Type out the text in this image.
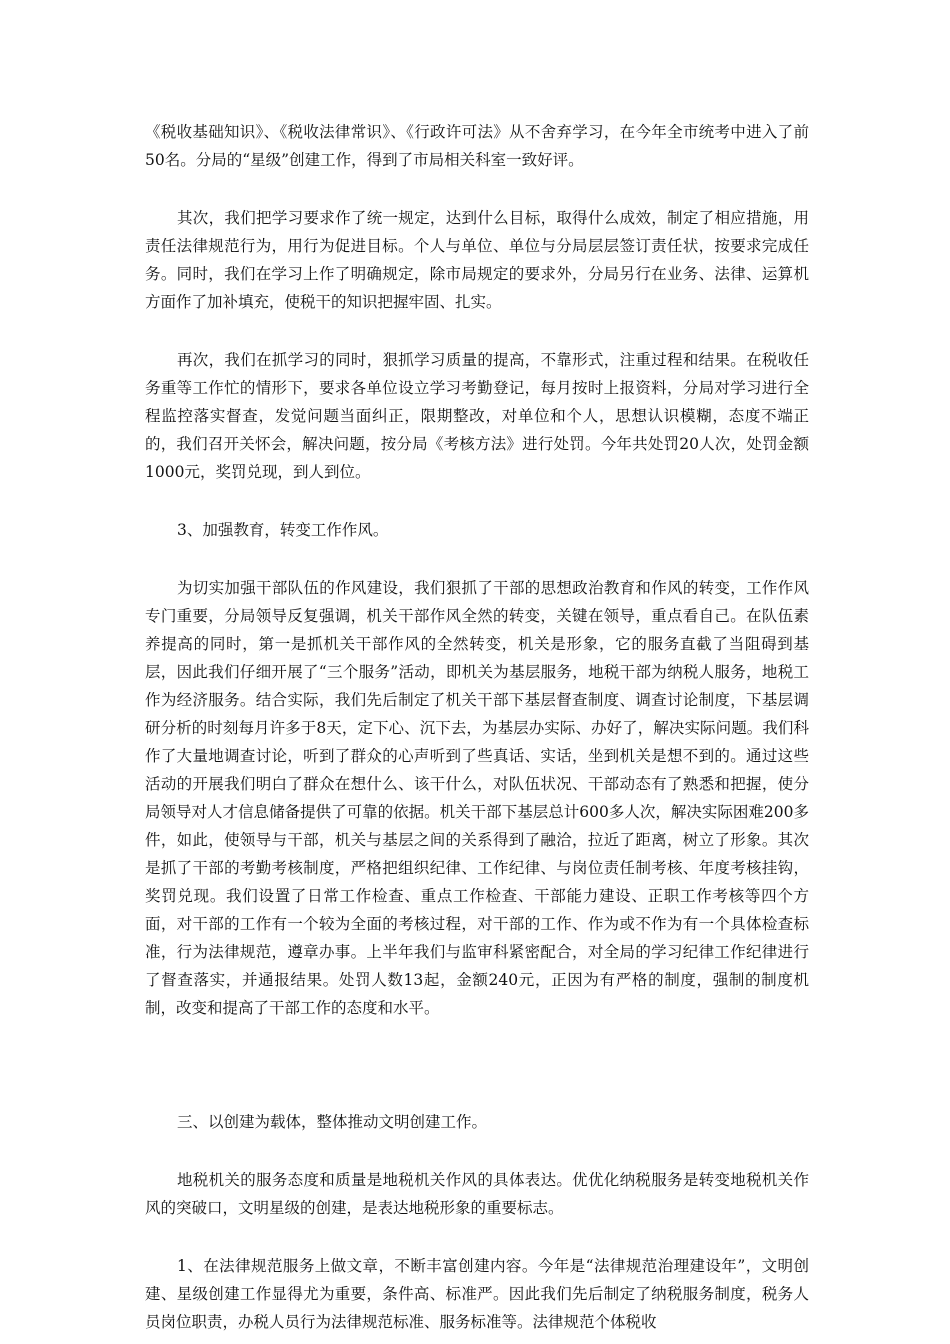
《税收基础知识》、《税收法律常识》、《行政许可法》从不舍弃学习，在今年全市统考中进入了前50名。分局的“星级”创建工作，得到了市局相关科室一致好评。

其次，我们把学习要求作了统一规定，达到什么目标，取得什么成效，制定了相应措施，用责任法律规范行为，用行为促进目标。个人与单位、单位与分局层层签订责任状，按要求完成任务。同时，我们在学习上作了明确规定，除市局规定的要求外，分局另行在业务、法律、运算机方面作了加补填充，使税干的知识把握牢固、扎实。

再次，我们在抓学习的同时，狠抓学习质量的提高，不靠形式，注重过程和结果。在税收任务重等工作忙的情形下，要求各单位设立学习考勤登记，每月按时上报资料，分局对学习进行全程监控落实督查，发觉问题当面纠正，限期整改，对单位和个人，思想认识模糊，态度不端正的，我们召开关怀会，解决问题，按分局《考核方法》进行处罚。今年共处罚20人次，处罚金额1000元，奖罚兑现，到人到位。

3、加强教育，转变工作作风。

为切实加强干部队伍的作风建设，我们狠抓了干部的思想政治教育和作风的转变，工作作风专门重要，分局领导反复强调，机关干部作风全然的转变，关键在领导，重点看自己。在队伍素养提高的同时，第一是抓机关干部作风的全然转变，机关是形象，它的服务直截了当阻碍到基层，因此我们仔细开展了“三个服务”活动，即机关为基层服务，地税干部为纳税人服务，地税工作为经济服务。结合实际，我们先后制定了机关干部下基层督查制度、调查讨论制度，下基层调研分析的时刻每月许多于8天，定下心、沉下去，为基层办实际、办好了，解决实际问题。我们科作了大量地调查讨论，听到了群众的心声听到了些真话、实话，坐到机关是想不到的。通过这些活动的开展我们明白了群众在想什么、该干什么，对队伍状况、干部动态有了熟悉和把握，使分局领导对人才信息储备提供了可靠的依据。机关干部下基层总计600多人次，解决实际困难200多件，如此，使领导与干部，机关与基层之间的关系得到了融洽，拉近了距离，树立了形象。其次是抓了干部的考勤考核制度，严格把组织纪律、工作纪律、与岗位责任制考核、年度考核挂钩，奖罚兑现。我们设置了日常工作检查、重点工作检查、干部能力建设、正职工作考核等四个方面，对干部的工作有一个较为全面的考核过程，对干部的工作、作为或不作为有一个具体检查标准，行为法律规范，遵章办事。上半年我们与监审科紧密配合，对全局的学习纪律工作纪律进行了督查落实，并通报结果。处罚人数13起，金额240元，正因为有严格的制度，强制的制度机制，改变和提高了干部工作的态度和水平。

三、以创建为载体，整体推动文明创建工作。

地税机关的服务态度和质量是地税机关作风的具体表达。优优化纳税服务是转变地税机关作风的突破口，文明星级的创建，是表达地税形象的重要标志。

1、在法律规范服务上做文章，不断丰富创建内容。今年是“法律规范治理建设年”，文明创建、星级创建工作显得尤为重要，条件高、标准严。因此我们先后制定了纳税服务制度，税务人员岗位职责，办税人员行为法律规范标准、服务标准等。法律规范个体税收
